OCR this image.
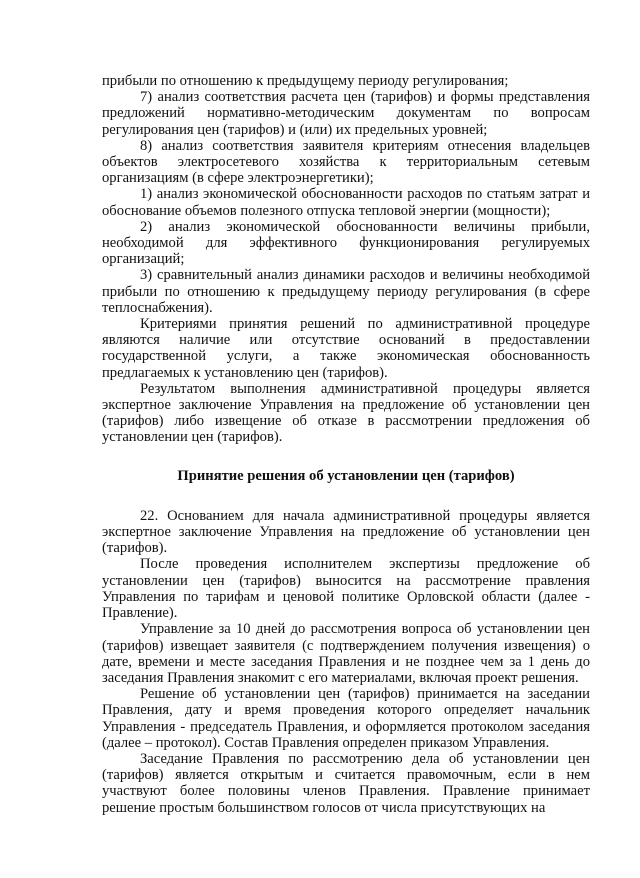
прибыли по отношению к предыдущему периоду регулирования;

7) анализ соответствия расчета цен (тарифов) и формы представления предложений нормативно-методическим документам по вопросам регулирования цен (тарифов) и (или) их предельных уровней;

8) анализ соответствия заявителя критериям отнесения владельцев объектов электросетевого хозяйства к территориальным сетевым организациям (в сфере электроэнергетики);

1) анализ экономической обоснованности расходов по статьям затрат и обоснование объемов полезного отпуска тепловой энергии (мощности);

2) анализ экономической обоснованности величины прибыли, необходимой для эффективного функционирования регулируемых организаций;

3) сравнительный анализ динамики расходов и величины необходимой прибыли по отношению к предыдущему периоду регулирования (в сфере теплоснабжения).

Критериями принятия решений по административной процедуре являются наличие или отсутствие оснований в предоставлении государственной услуги, а также экономическая обоснованность предлагаемых к установлению цен (тарифов).

Результатом выполнения административной процедуры является экспертное заключение Управления на предложение об установлении цен (тарифов) либо извещение об отказе в рассмотрении предложения об установлении цен (тарифов).

Принятие решения об установлении цен (тарифов)

22. Основанием для начала административной процедуры является экспертное заключение Управления на предложение об установлении цен (тарифов).

После проведения исполнителем экспертизы предложение об установлении цен (тарифов) выносится на рассмотрение правления Управления по тарифам и ценовой политике Орловской области (далее - Правление).

Управление за 10 дней до рассмотрения вопроса об установлении цен (тарифов) извещает заявителя (с подтверждением получения извещения) о дате, времени и месте заседания Правления и не позднее чем за 1 день до заседания Правления знакомит с его материалами, включая проект решения.

Решение об установлении цен (тарифов) принимается на заседании Правления, дату и время проведения которого определяет начальник Управления - председатель Правления, и оформляется протоколом заседания (далее – протокол). Состав Правления определен приказом Управления.

Заседание Правления по рассмотрению дела об установлении цен (тарифов) является открытым и считается правомочным, если в нем участвуют более половины членов Правления. Правление принимает решение простым большинством голосов от числа присутствующих на
